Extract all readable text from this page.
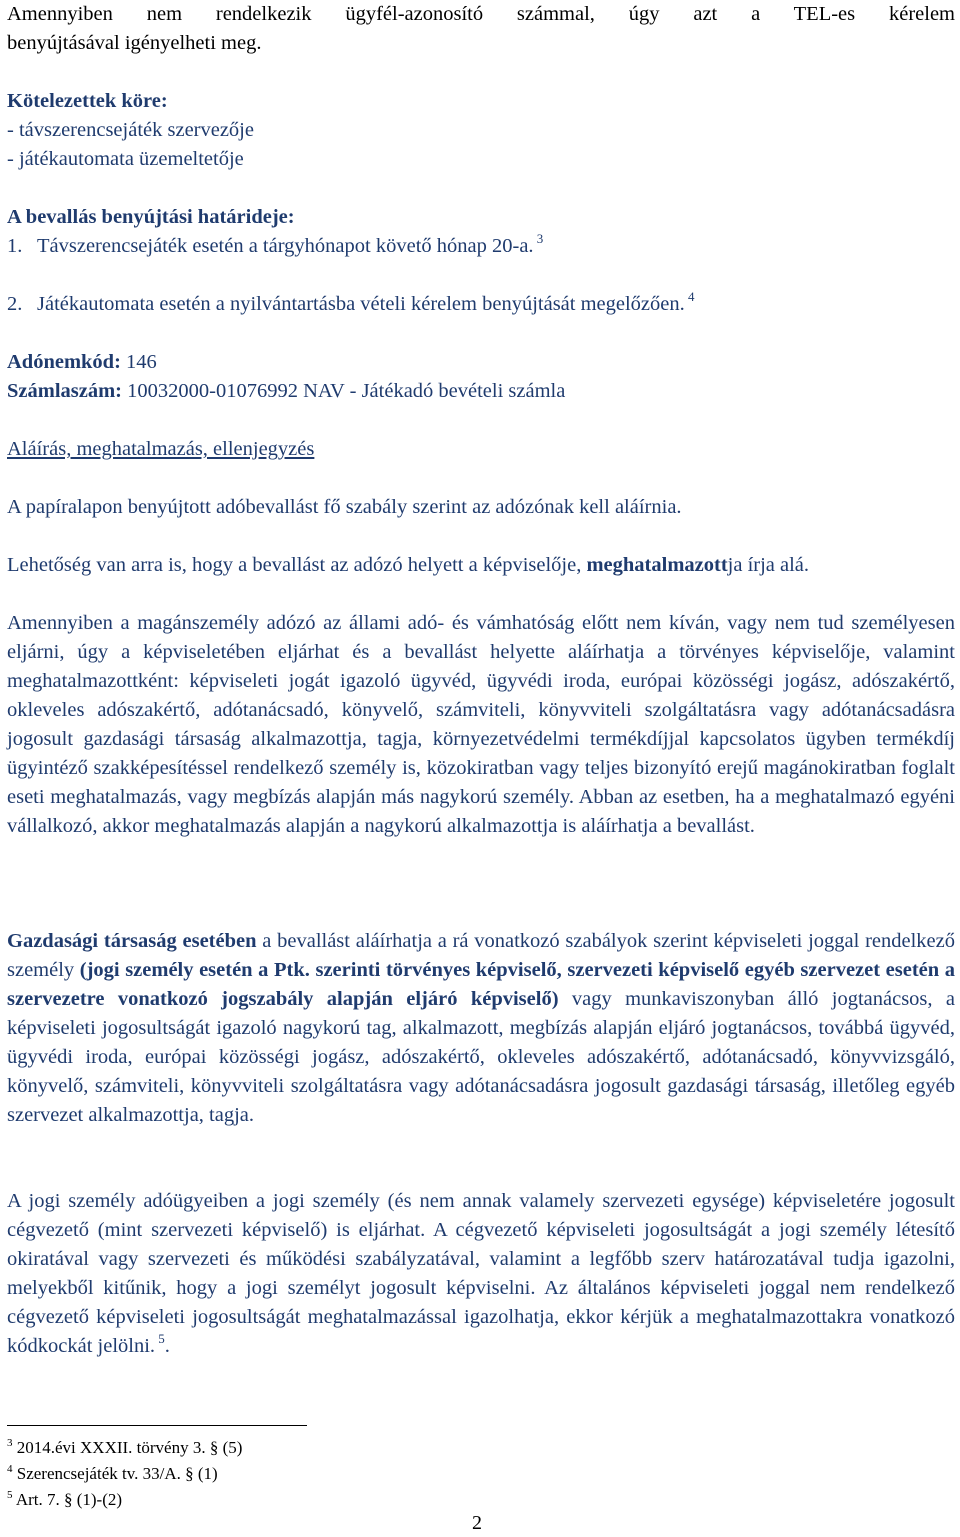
Amennyiben nem rendelkezik ügyfél-azonosító számmal, úgy azt a TEL-es kérelem
benyújtásával igényelheti meg.
Kötelezettek köre:
- távszerencsejáték szervezője
- játékautomata üzemeltetője
A bevallás benyújtási határideje:
1. Távszerencsejáték esetén a tárgyhónapot követő hónap 20-a. $^3$
2. Játékautomata esetén a nyilvántartásba vételi kérelem benyújtását megelőzően. $^4$
Adónemkód: 146
Számlaszám: 10032000-01076992 NAV - Játékadó bevételi számla
Aláírás, meghatalmazás, ellenjegyzés
A papíralapon benyújtott adóbevallást fő szabály szerint az adózónak kell aláírnia.
Lehetőség van arra is, hogy a bevallást az adózó helyett a képviselője, meghatalmazottja írja alá.
Amennyiben a magánszemély adózó az állami adó- és vámhatóság előtt nem kíván, vagy nem tud személyesen eljárni, úgy a képviseletében eljárhat és a bevallást helyette aláírhatja a törvényes képviselője, valamint meghatalmazottként: képviseleti jogát igazoló ügyvéd, ügyvédi iroda, európai közösségi jogász, adószakértő, okleveles adószakértő, adótanácsadó, könyvelő, számviteli, könyvviteli szolgáltatásra vagy adótanácsadásra jogosult gazdasági társaság alkalmazottja, tagja, környezetvédelmi termékdíjjal kapcsolatos ügyben termékdíj ügyintéző szakképesítéssel rendelkező személy is, közokiratban vagy teljes bizonyító erejű magánokiratban foglalt eseti meghatalmazás, vagy megbízás alapján más nagykorú személy. Abban az esetben, ha a meghatalmazó egyéni vállalkozó, akkor meghatalmazás alapján a nagykorú alkalmazottja is aláírhatja a bevallást.
Gazdasági társaság esetében a bevallást aláírhatja a rá vonatkozó szabályok szerint képviseleti joggal rendelkező személy (jogi személy esetén a Ptk. szerinti törvényes képviselő, szervezeti képviselő egyéb szervezet esetén a szervezetre vonatkozó jogszabály alapján eljáró képviselő) vagy munkaviszonyban álló jogtanácsos, a képviseleti jogosultságát igazoló nagykorú tag, alkalmazott, megbízás alapján eljáró jogtanácsos, továbbá ügyvéd, ügyvédi iroda, európai közösségi jogász, adószakértő, okleveles adószakértő, adótanácsadó, könyvvizsgáló, könyvelő, számviteli, könyvviteli szolgáltatásra vagy adótanácsadásra jogosult gazdasági társaság, illetőleg egyéb szervezet alkalmazottja, tagja.
A jogi személy adóügyeiben a jogi személy (és nem annak valamely szervezeti egysége) képviseletére jogosult cégvezető (mint szervezeti képviselő) is eljárhat. A cégvezető képviseleti jogosultságát a jogi személy létesítő okiratával vagy szervezeti és működési szabályzatával, valamint a legfőbb szerv határozatával tudja igazolni, melyekből kitűnik, hogy a jogi személyt jogosult képviselni. Az általános képviseleti joggal nem rendelkező cégvezető képviseleti jogosultságát meghatalmazással igazolhatja, ekkor kérjük a meghatalmazottakra vonatkozó kódkockát jelölni. $^5$.
$^3$ 2014.évi XXXII. törvény 3. § (5)
$^4$ Szerencsejáték tv. 33/A. § (1)
$^5$ Art. 7. § (1)-(2)
2
